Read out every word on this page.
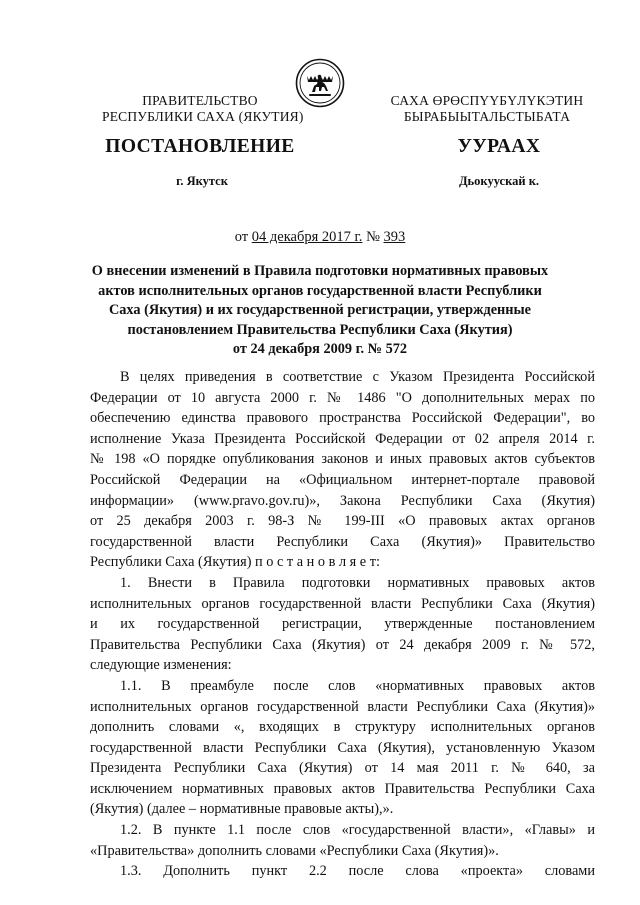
ПРАВИТЕЛЬСТВО
РЕСПУБЛИКИ САХА (ЯКУТИЯ)
САХА ӨРӨСПҮҮБҮЛҮКЭТИН
БЫРАБЫЫТАЛЬСТЫБАТА
ПОСТАНОВЛЕНИЕ	УУРААХ
г. Якутск	Дьокуускай к.
от 04 декабря 2017 г. № 393
О внесении изменений в Правила подготовки нормативных правовых
актов исполнительных органов государственной власти Республики
Саха (Якутия) и их государственной регистрации, утвержденные
постановлением Правительства Республики Саха (Якутия)
от 24 декабря 2009 г. № 572
В целях приведения в соответствие с Указом Президента Российской
Федерации от 10 августа 2000 г. № 1486 "О дополнительных мерах по
обеспечению единства правового пространства Российской Федерации", во
исполнение Указа Президента Российской Федерации от 02 апреля 2014 г.
№ 198 «О порядке опубликования законов и иных правовых актов субъектов
Российской Федерации на «Официальном интернет-портале правовой
информации» (www.pravo.gov.ru)», Закона Республики Саха (Якутия)
от 25 декабря 2003 г. 98-З № 199-III «О правовых актах органов
государственной власти Республики Саха (Якутия)» Правительство
Республики Саха (Якутия) п о с т а н о в л я е т:
1. Внести в Правила подготовки нормативных правовых актов
исполнительных органов государственной власти Республики Саха (Якутия)
и их государственной регистрации, утвержденные постановлением
Правительства Республики Саха (Якутия) от 24 декабря 2009 г. № 572,
следующие изменения:
1.1. В преамбуле после слов «нормативных правовых актов
исполнительных органов государственной власти Республики Саха (Якутия)»
дополнить словами «, входящих в структуру исполнительных органов
государственной власти Республики Саха (Якутия), установленную Указом
Президента Республики Саха (Якутия) от 14 мая 2011 г. № 640, за
исключением нормативных правовых актов Правительства Республики Саха
(Якутия) (далее – нормативные правовые акты),».
1.2. В пункте 1.1 после слов «государственной власти», «Главы» и
«Правительства» дополнить словами «Республики Саха (Якутия)».
1.3. Дополнить пункт 2.2 после слова «проекта» словами
